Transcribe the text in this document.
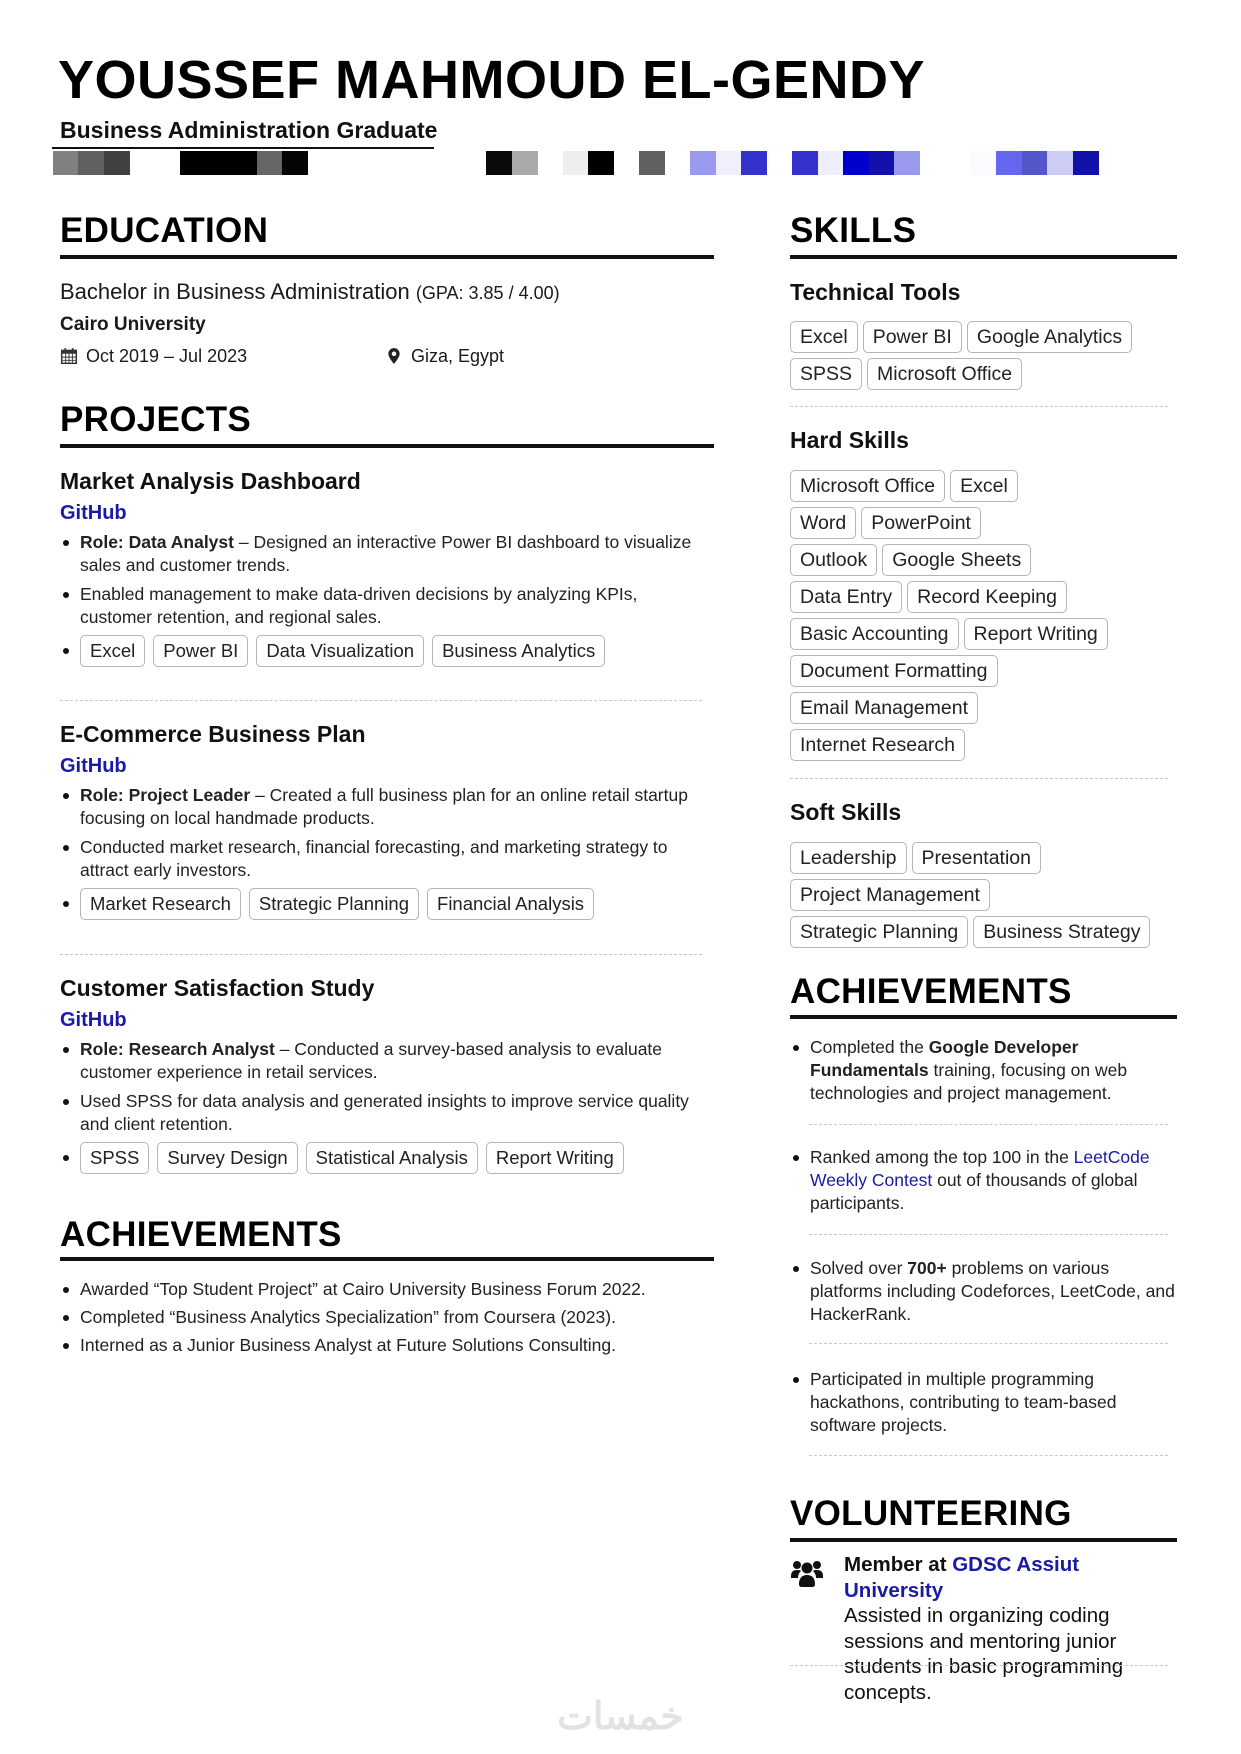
YOUSSEF MAHMOUD EL-GENDY
Business Administration Graduate
EDUCATION
Bachelor in Business Administration (GPA: 3.85 / 4.00)
Cairo University
Oct 2019 – Jul 2023	Giza, Egypt
PROJECTS
Market Analysis Dashboard
GitHub
Role: Data Analyst – Designed an interactive Power BI dashboard to visualize sales and customer trends.
Enabled management to make data-driven decisions by analyzing KPIs, customer retention, and regional sales.
Excel	Power BI	Data Visualization	Business Analytics
E-Commerce Business Plan
GitHub
Role: Project Leader – Created a full business plan for an online retail startup focusing on local handmade products.
Conducted market research, financial forecasting, and marketing strategy to attract early investors.
Market Research	Strategic Planning	Financial Analysis
Customer Satisfaction Study
GitHub
Role: Research Analyst – Conducted a survey-based analysis to evaluate customer experience in retail services.
Used SPSS for data analysis and generated insights to improve service quality and client retention.
SPSS	Survey Design	Statistical Analysis	Report Writing
ACHIEVEMENTS
Awarded “Top Student Project” at Cairo University Business Forum 2022.
Completed “Business Analytics Specialization” from Coursera (2023).
Interned as a Junior Business Analyst at Future Solutions Consulting.
SKILLS
Technical Tools
Excel	Power BI	Google Analytics
SPSS	Microsoft Office
Hard Skills
Microsoft Office	Excel
Word	PowerPoint
Outlook	Google Sheets
Data Entry	Record Keeping
Basic Accounting	Report Writing
Document Formatting
Email Management
Internet Research
Soft Skills
Leadership	Presentation
Project Management
Strategic Planning	Business Strategy
ACHIEVEMENTS
Completed the Google Developer Fundamentals training, focusing on web technologies and project management.
Ranked among the top 100 in the LeetCode Weekly Contest out of thousands of global participants.
Solved over 700+ problems on various platforms including Codeforces, LeetCode, and HackerRank.
Participated in multiple programming hackathons, contributing to team-based software projects.
VOLUNTEERING
Member at GDSC Assiut University
Assisted in organizing coding sessions and mentoring junior students in basic programming concepts.
خمسات
